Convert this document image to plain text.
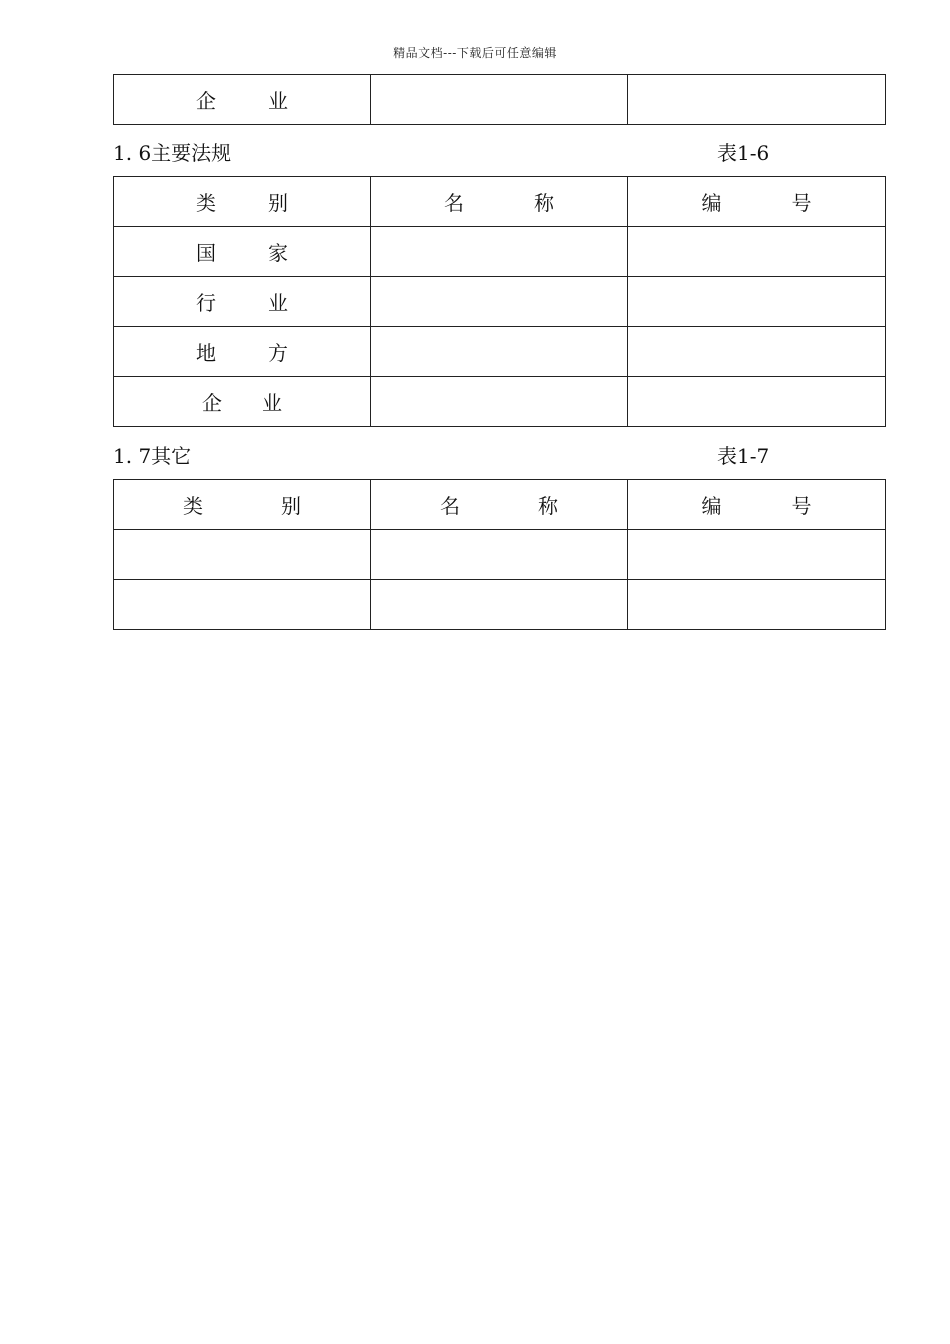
精品文档---下载后可任意编辑
企　业		
1. 6主要法规	表1-6
类　别	名　称	编　号
国　家		
行　业		
地　方		
企　业		
1. 7其它	表1-7
类　别	名　称	编　号
